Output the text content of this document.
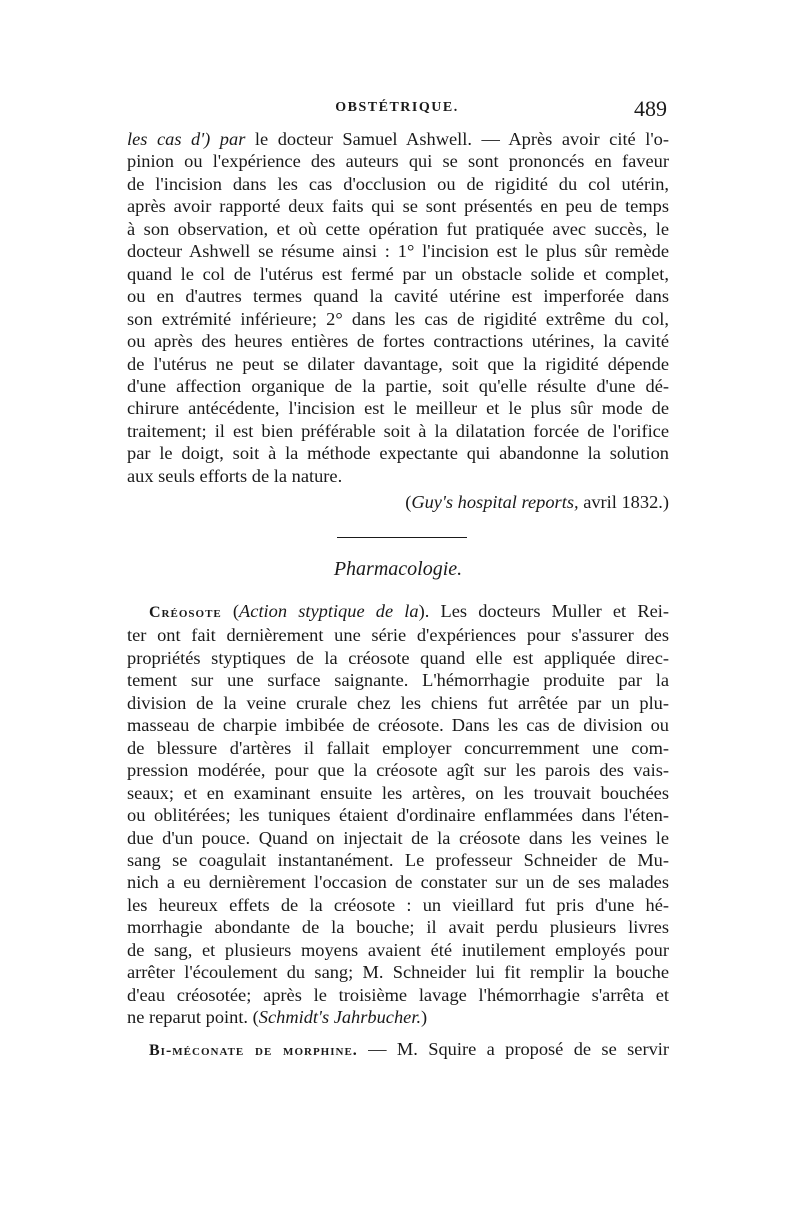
OBSTÉTRIQUE.	489
les cas d') par le docteur Samuel Ashwell. — Après avoir cité l'o-
pinion ou l'expérience des auteurs qui se sont prononcés en faveur
de l'incision dans les cas d'occlusion ou de rigidité du col utérin,
après avoir rapporté deux faits qui se sont présentés en peu de temps
à son observation, et où cette opération fut pratiquée avec succès, le
docteur Ashwell se résume ainsi : 1° l'incision est le plus sûr remède
quand le col de l'utérus est fermé par un obstacle solide et complet,
ou en d'autres termes quand la cavité utérine est imperforée dans
son extrémité inférieure; 2° dans les cas de rigidité extrême du col,
ou après des heures entières de fortes contractions utérines, la cavité
de l'utérus ne peut se dilater davantage, soit que la rigidité dépende
d'une affection organique de la partie, soit qu'elle résulte d'une dé-
chirure antécédente, l'incision est le meilleur et le plus sûr mode de
traitement; il est bien préférable soit à la dilatation forcée de l'orifice
par le doigt, soit à la méthode expectante qui abandonne la solution
aux seuls efforts de la nature.
(Guy's hospital reports, avril 1832.)
Pharmacologie.
Créosote (Action styptique de la). Les docteurs Muller et Rei-
ter ont fait dernièrement une série d'expériences pour s'assurer des
propriétés styptiques de la créosote quand elle est appliquée direc-
tement sur une surface saignante. L'hémorrhagie produite par la
division de la veine crurale chez les chiens fut arrêtée par un plu-
masseau de charpie imbibée de créosote. Dans les cas de division ou
de blessure d'artères il fallait employer concurremment une com-
pression modérée, pour que la créosote agît sur les parois des vais-
seaux; et en examinant ensuite les artères, on les trouvait bouchées
ou oblitérées; les tuniques étaient d'ordinaire enflammées dans l'éten-
due d'un pouce. Quand on injectait de la créosote dans les veines le
sang se coagulait instantanément. Le professeur Schneider de Mu-
nich a eu dernièrement l'occasion de constater sur un de ses malades
les heureux effets de la créosote : un vieillard fut pris d'une hé-
morrhagie abondante de la bouche; il avait perdu plusieurs livres
de sang, et plusieurs moyens avaient été inutilement employés pour
arrêter l'écoulement du sang; M. Schneider lui fit remplir la bouche
d'eau créosotée; après le troisième lavage l'hémorrhagie s'arrêta et
ne reparut point. (Schmidt's Jahrbucher.)
Bi-méconate de morphine. — M. Squire a proposé de se servir
